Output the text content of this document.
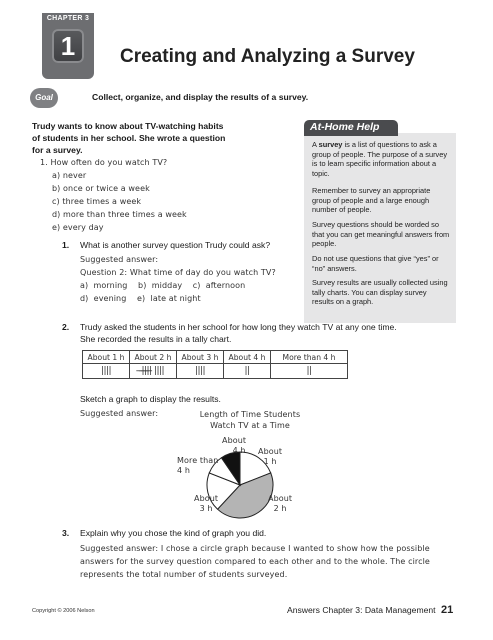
CHAPTER 3
1	Creating and Analyzing a Survey
Goal	Collect, organize, and display the results of a survey.
Trudy wants to know about TV-watching habits
of students in her school. She wrote a question
for a survey.
1. How often do you watch TV?
a) never
b) once or twice a week
c) three times a week
d) more than three times a week
e) every day
1. What is another survey question Trudy could ask?
Suggested answer:
Question 2: What time of day do you watch TV?
a)  morning    b)  midday    c)  afternoon
d)  evening    e)  late at night
At-Home Help
A survey is a list of questions to ask a group of people. The purpose of a survey is to learn specific information about a topic.
Remember to survey an appropriate group of people and a large enough number of people.
Survey questions should be worded so that you can get meaningful answers from people.
Do not use questions that give “yes” or “no” answers.
Survey results are usually collected using tally charts. You can display survey results on a graph.
2. Trudy asked the students in her school for how long they watch TV at any one time.
She recorded the results in a tally chart.
About 1 h	About 2 h	About 3 h	About 4 h	More than 4 h
||||	̶|̶|̶|̶|̶ ||||	||||	||	||
Sketch a graph to display the results.
Suggested answer:	Length of Time Students Watch TV at a Time
About
4 h About
1 h
More than
4 h
About
3 h
About
2 h
3. Explain why you chose the kind of graph you did.
Suggested answer: I chose a circle graph because I wanted to show how the possible
answers for the survey question compared to each other and to the whole. The circle
represents the total number of students surveyed.
Copyright © 2006 Nelson	Answers Chapter 3: Data Management 21
